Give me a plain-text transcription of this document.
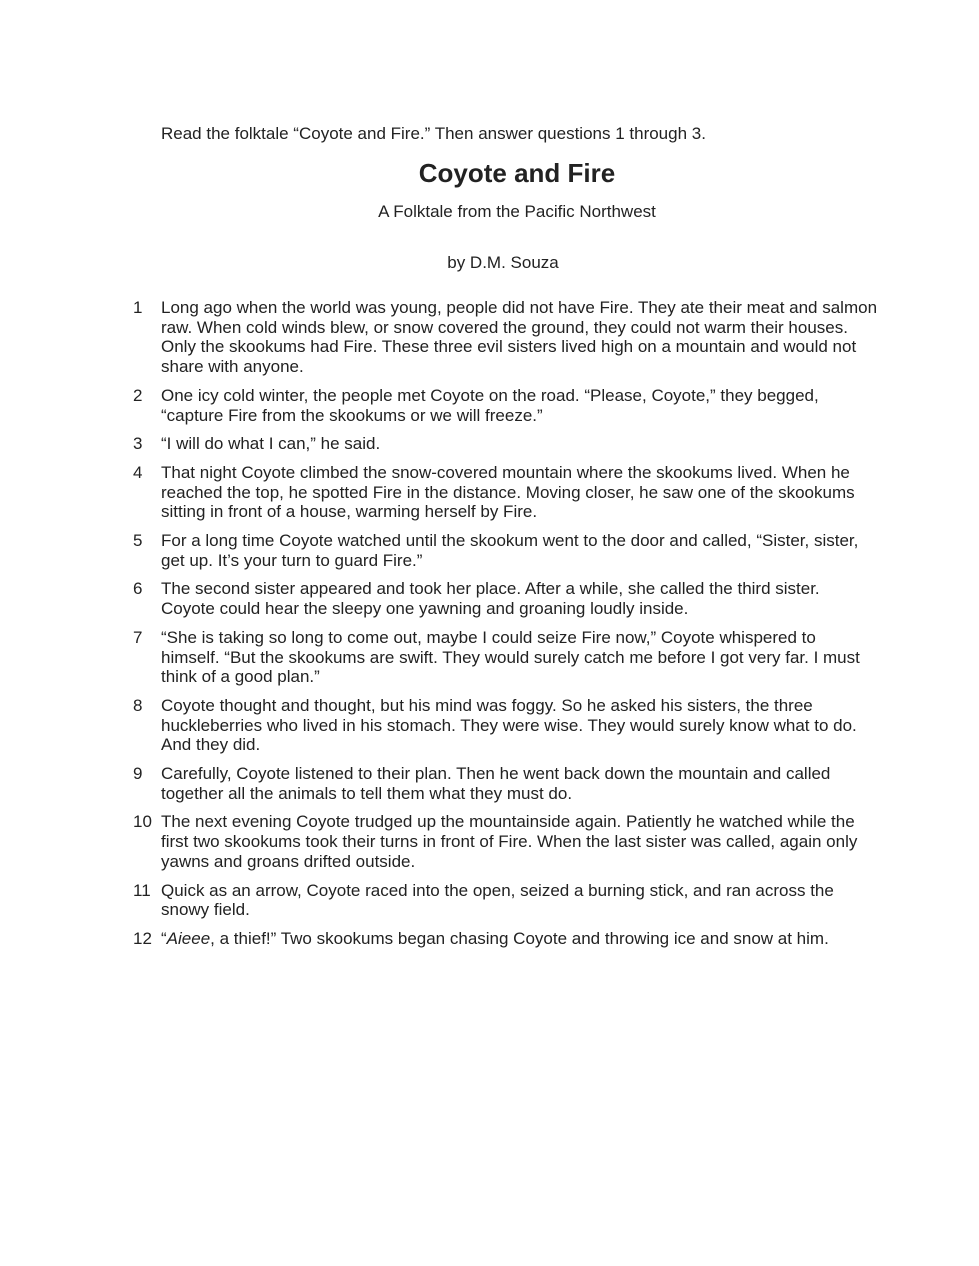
Read the folktale “Coyote and Fire.” Then answer questions 1 through 3.
Coyote and Fire
A Folktale from the Pacific Northwest
by D.M. Souza
1	Long ago when the world was young, people did not have Fire. They ate their meat and salmon raw. When cold winds blew, or snow covered the ground, they could not warm their houses. Only the skookums had Fire. These three evil sisters lived high on a mountain and would not share with anyone.
2	One icy cold winter, the people met Coyote on the road. “Please, Coyote,” they begged, “capture Fire from the skookums or we will freeze.”
3	“I will do what I can,” he said.
4	That night Coyote climbed the snow-covered mountain where the skookums lived. When he reached the top, he spotted Fire in the distance. Moving closer, he saw one of the skookums sitting in front of a house, warming herself by Fire.
5	For a long time Coyote watched until the skookum went to the door and called, “Sister, sister, get up. It’s your turn to guard Fire.”
6	The second sister appeared and took her place. After a while, she called the third sister. Coyote could hear the sleepy one yawning and groaning loudly inside.
7	“She is taking so long to come out, maybe I could seize Fire now,” Coyote whispered to himself. “But the skookums are swift. They would surely catch me before I got very far. I must think of a good plan.”
8	Coyote thought and thought, but his mind was foggy. So he asked his sisters, the three huckleberries who lived in his stomach. They were wise. They would surely know what to do. And they did.
9	Carefully, Coyote listened to their plan. Then he went back down the mountain and called together all the animals to tell them what they must do.
10 The next evening Coyote trudged up the mountainside again. Patiently he watched while the first two skookums took their turns in front of Fire. When the last sister was called, again only yawns and groans drifted outside.
11 Quick as an arrow, Coyote raced into the open, seized a burning stick, and ran across the snowy field.
12 “Aieee, a thief!” Two skookums began chasing Coyote and throwing ice and snow at him.
